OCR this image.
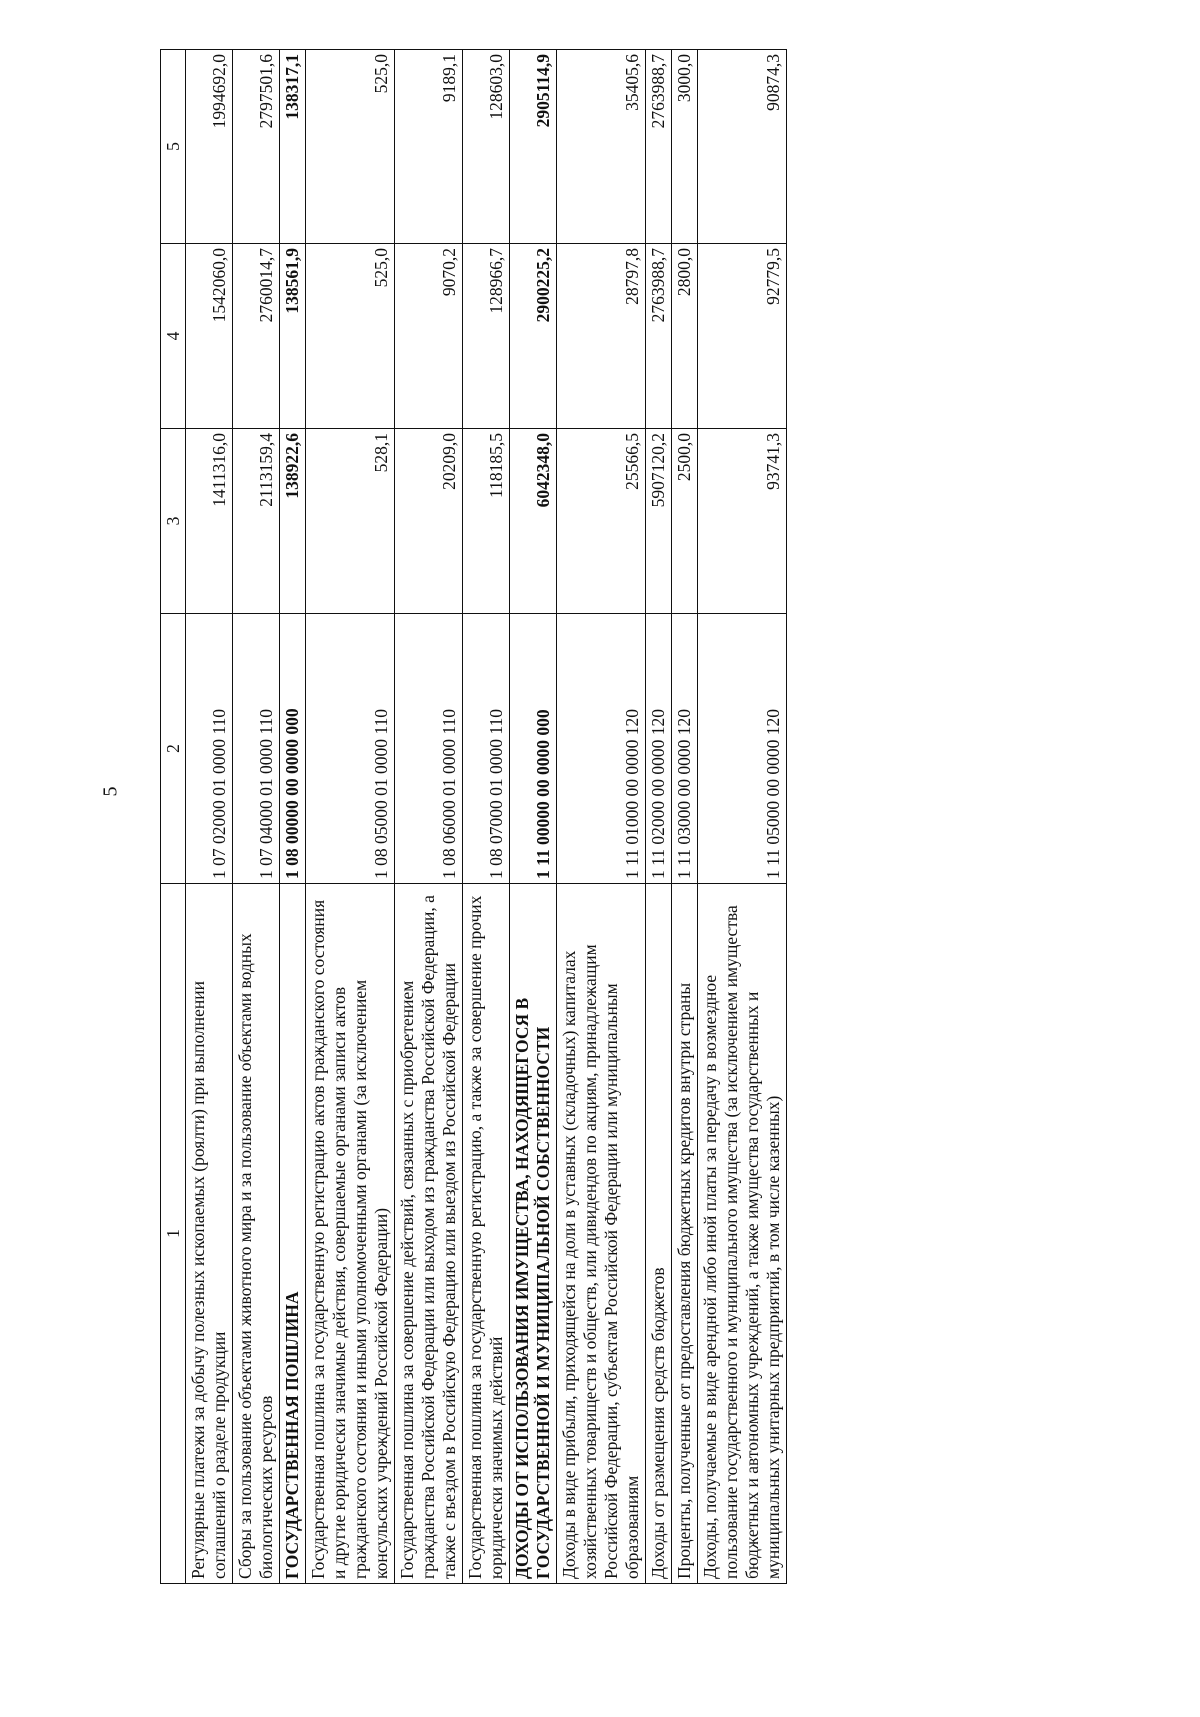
5
1	2	3	4	5
Регулярные платежи за добычу полезных ископаемых (роялти) при выполнении соглашений о разделе продукции	1 07 02000 01 0000 110	1411316,0	1542060,0	1994692,0
Сборы за пользование объектами животного мира и за пользование объектами водных биологических ресурсов	1 07 04000 01 0000 110	2113159,4	2760014,7	2797501,6
ГОСУДАРСТВЕННАЯ ПОШЛИНА	1 08 00000 00 0000 000	138922,6	138561,9	138317,1
Государственная пошлина за государственную регистрацию актов гражданского состояния и другие юридически значимые действия, совершаемые органами записи актов гражданского состояния и иными уполномоченными органами (за исключением консульских учреждений Российской Федерации)	1 08 05000 01 0000 110	528,1	525,0	525,0
Государственная пошлина за совершение действий, связанных с приобретением гражданства Российской Федерации или выходом из гражданства Российской Федерации, а также с въездом в Российскую Федерацию или выездом из Российской Федерации	1 08 06000 01 0000 110	20209,0	9070,2	9189,1
Государственная пошлина за государственную регистрацию, а также за совершение прочих юридически значимых действий	1 08 07000 01 0000 110	118185,5	128966,7	128603,0
ДОХОДЫ ОТ ИСПОЛЬЗОВАНИЯ ИМУЩЕСТВА, НАХОДЯЩЕГОСЯ В ГОСУДАРСТВЕННОЙ И МУНИЦИПАЛЬНОЙ СОБСТВЕННОСТИ	1 11 00000 00 0000 000	6042348,0	2900225,2	2905114,9
Доходы в виде прибыли, приходящейся на доли в уставных (складочных) капиталах хозяйственных товариществ и обществ, или дивидендов по акциям, принадлежащим Российской Федерации, субъектам Российской Федерации или муниципальным образованиям	1 11 01000 00 0000 120	25566,5	28797,8	35405,6
Доходы от размещения средств бюджетов	1 11 02000 00 0000 120	5907120,2	2763988,7	2763988,7
Проценты, полученные от предоставления бюджетных кредитов внутри страны	1 11 03000 00 0000 120	2500,0	2800,0	3000,0
Доходы, получаемые в виде арендной либо иной платы за передачу в возмездное пользование государственного и муниципального имущества (за исключением имущества бюджетных и автономных учреждений, а также имущества государственных и муниципальных унитарных предприятий, в том числе казенных)	1 11 05000 00 0000 120	93741,3	92779,5	90874,3
